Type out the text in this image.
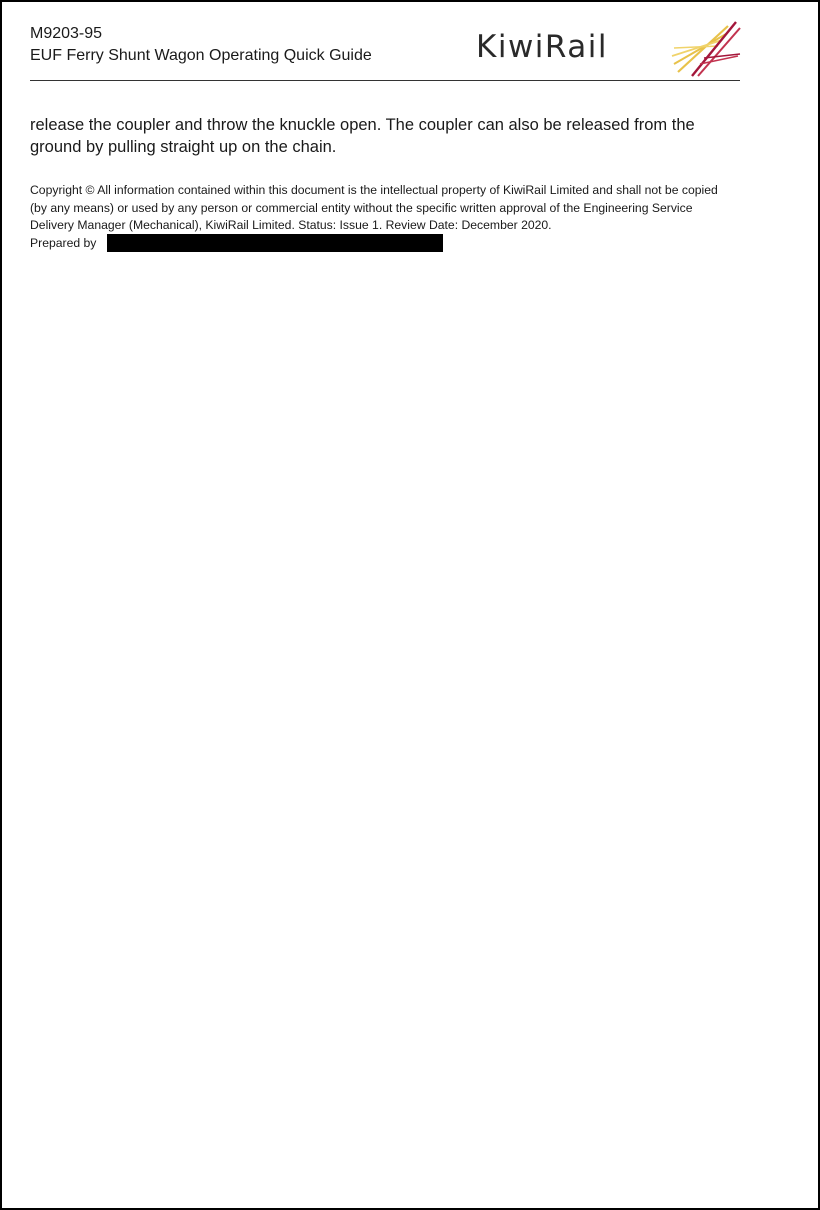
M9203-95
EUF Ferry Shunt Wagon Operating Quick Guide	KiwiRail
release the coupler and throw the knuckle open. The coupler can also be released from the ground by pulling straight up on the chain.
Copyright © All information contained within this document is the intellectual property of KiwiRail Limited and shall not be copied (by any means) or used by any person or commercial entity without the specific written approval of the Engineering Service Delivery Manager (Mechanical), KiwiRail Limited. Status: Issue 1. Review Date: December 2020.
Prepared by
